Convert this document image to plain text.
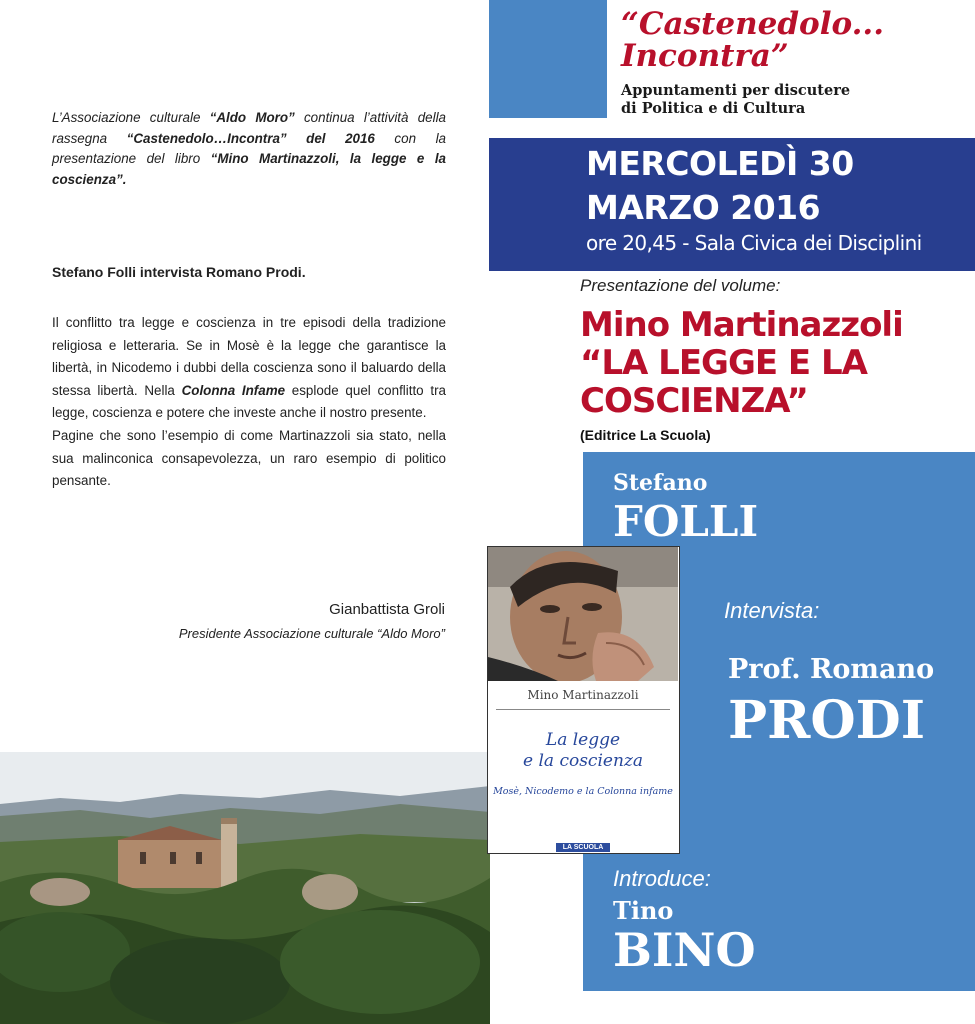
L’Associazione culturale “Aldo Moro” continua l’attività della rassegna “Castenedolo…Incontra” del 2016 con la presentazione del libro “Mino Martinazzoli, la legge e la coscienza”.
Stefano Folli intervista Romano Prodi.

Il conflitto tra legge e coscienza in tre episodi della tradizione religiosa e letteraria. Se in Mosè è la legge che garantisce la libertà, in Nicodemo i dubbi della coscienza sono il baluardo della stessa libertà. Nella Colonna Infame esplode quel conflitto tra legge, coscienza e potere che investe anche il nostro presente.

Pagine che sono l’esempio di come Martinazzoli sia stato, nella sua malinconica consapevolezza, un raro esempio di politico pensante.

Gianbattista Groli
Presidente Associazione culturale “Aldo Moro”
“Castenedolo...
Incontra”
Appuntamenti per discutere
di Politica e di Cultura
MERCOLEDÌ 30
MARZO 2016
ore 20,45 - Sala Civica dei Disciplini
Presentazione del volume:
Mino Martinazzoli
“LA LEGGE E LA
COSCIENZA”
(Editrice La Scuola)
Stefano
FOLLI
Intervista:
Prof. Romano
PRODI
Introduce:
Tino
BINO
Mino Martinazzoli
La legge
e la coscienza
Mosè, Nicodemo e la Colonna infame
LA SCUOLA
